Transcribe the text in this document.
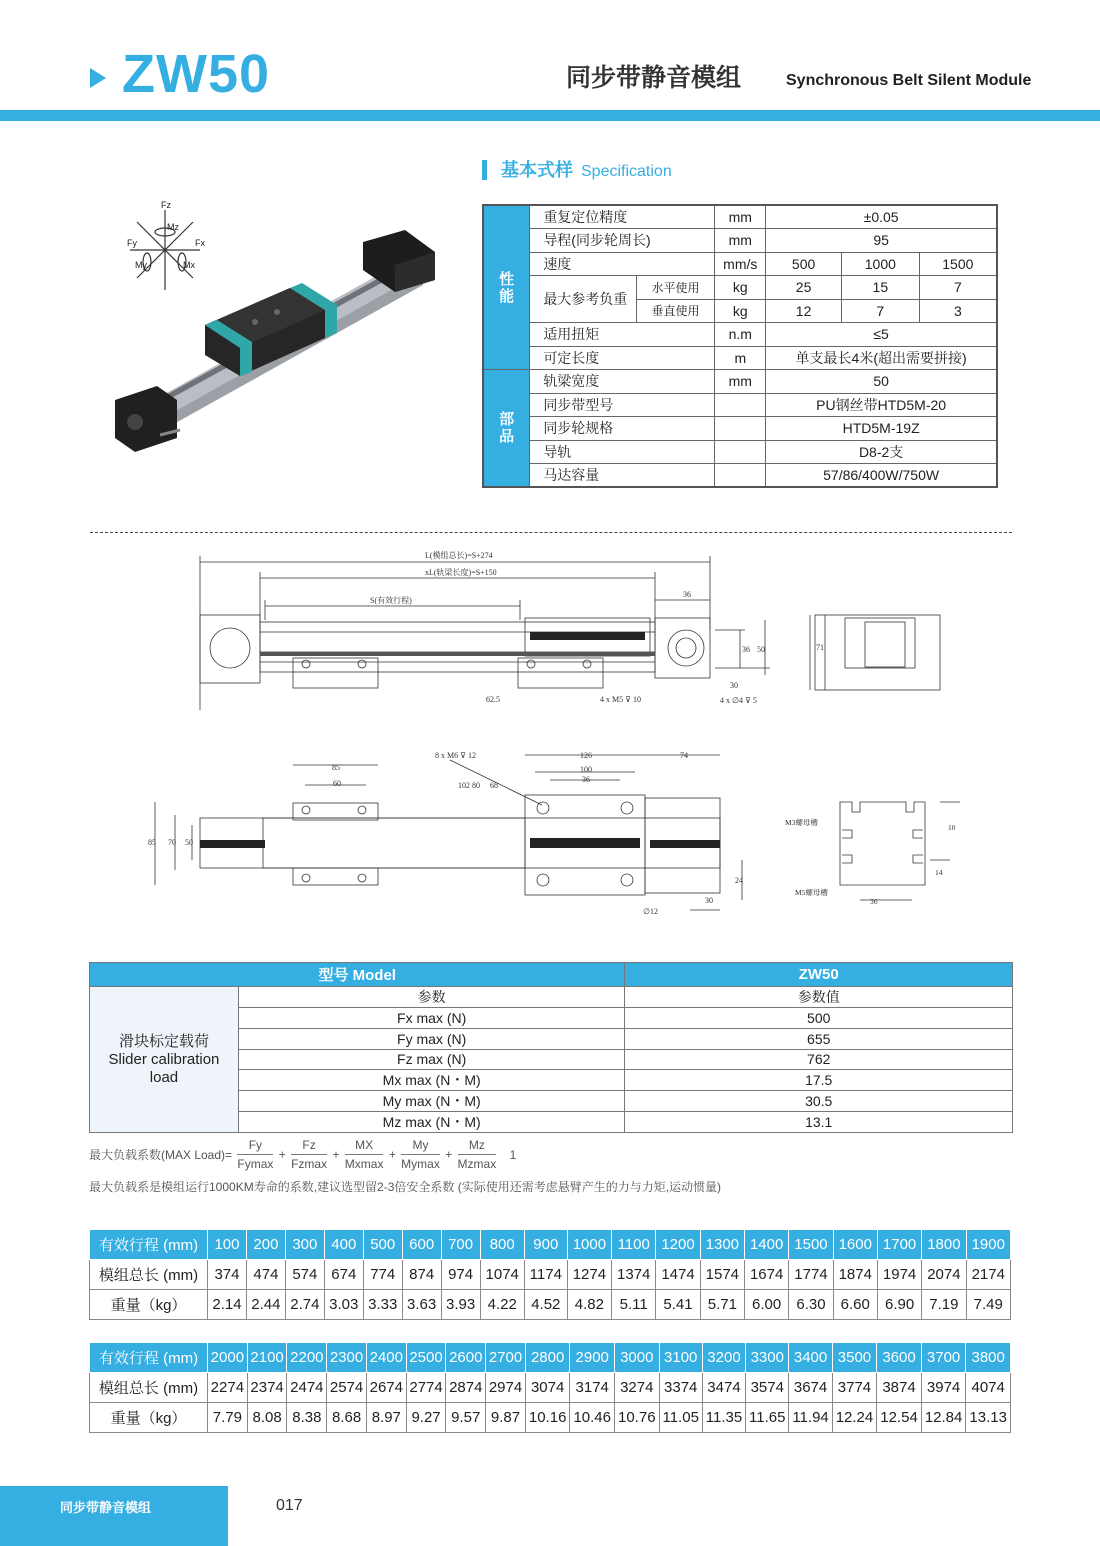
ZW50	同步带静音模组	Synchronous Belt Silent Module
Fz
Mz
Fy	Fx
My	Mx
基本式样 Specification
性
能	重复定位精度		mm	±0.05		
	导程(同步轮周长)		mm	95		
	速度		mm/s	500	1000	1500
	最大参考负重	水平使用	kg	25	15	7
		垂直使用	kg	12	7	3
	适用扭矩		n.m	≤5		
	可定长度		m	单支最长4米(超出需要拼接)		
部
品	轨梁宽度		mm	50		
	同步带型号			PU钢丝带HTD5M-20		
	同步轮规格			HTD5M-19Z		
	导轨			D8-2支		
	马达容量			57/86/400W/750W		
L(模组总长)=S+274
xL(轨梁长度)=S+150
S(有效行程)
36
36 50
62.5
30
4 x M5 ⊽ 10	4 x ∅4 ⊽ 5
71
8 x M6 ⊽ 12	126	74
100
36
85
60	102 80 68
85 70 50
24
30
∅12
M3螺母槽
M5螺母槽
10
14
36
型号 Model		ZW50
滑块标定载荷
Slider calibration
load	参数	参数值
	Fx max (N)	500
	Fy max (N)	655
	Fz max (N)	762
	Mx max (N・M)	17.5
	My max (N・M)	30.5
	Mz max (N・M)	13.1
最大负载系数(MAX Load)= $\frac{Fy}{Fymax} + \frac{Fz}{Fzmax} + \frac{MX}{Mxmax} + \frac{My}{Mymax} + \frac{Mz}{Mzmax} 1$
最大负载系是模组运行1000KM寿命的系数,建议选型留2-3倍安全系数 (实际使用还需考虑悬臂产生的力与力矩,运动惯量)
有效行程 (mm)	100	200	300	400	500	600	700	800	900	1000	1100	1200	1300	1400	1500	1600	1700	1800	1900
模组总长 (mm)	374	474	574	674	774	874	974	1074	1174	1274	1374	1474	1574	1674	1774	1874	1974	2074	2174
重量（kg）	2.14	2.44	2.74	3.03	3.33	3.63	3.93	4.22	4.52	4.82	5.11	5.41	5.71	6.00	6.30	6.60	6.90	7.19	7.49
有效行程 (mm)	2000	2100	2200	2300	2400	2500	2600	2700	2800	2900	3000	3100	3200	3300	3400	3500	3600	3700	3800
模组总长 (mm)	2274	2374	2474	2574	2674	2774	2874	2974	3074	3174	3274	3374	3474	3574	3674	3774	3874	3974	4074
重量（kg）	7.79	8.08	8.38	8.68	8.97	9.27	9.57	9.87	10.16	10.46	10.76	11.05	11.35	11.65	11.94	12.24	12.54	12.84	13.13
同步带静音模组	017
